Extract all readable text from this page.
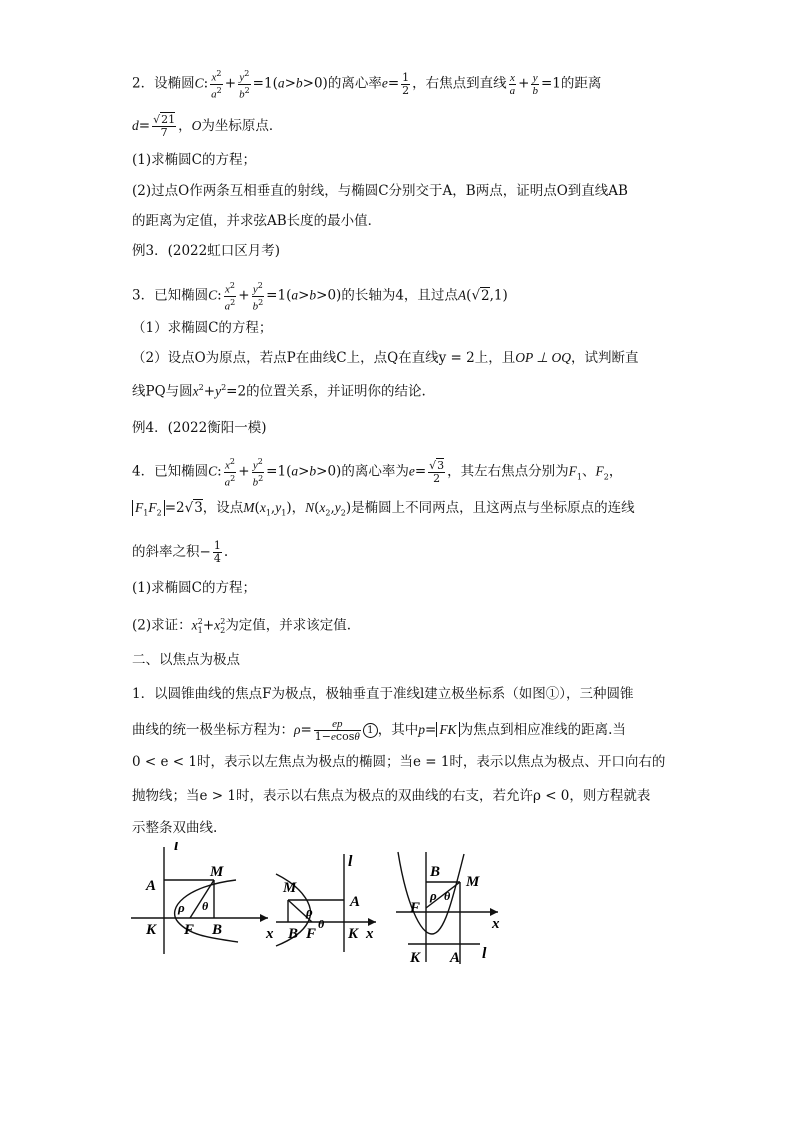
2．设椭圆C: $\frac{x^2}{a^2} + \frac{y^2}{b^2} =1(a>b>0)$的离心率$e= \frac{1}{2}$ ，右焦点到直线 $\frac{x}{a} + \frac{y}{b} =1$的距离
$d= \frac{√21}{7}$ ，O为坐标原点．
(1)求椭圆C的方程；
(2)过点O作两条互相垂直的射线，与椭圆C分别交于A，B两点，证明点O到直线AB
的距离为定值，并求弦AB长度的最小值．
例3．(2022虹口区月考)
3．已知椭圆C: $\frac{x^2}{a^2} + \frac{y^2}{b^2} =1(a>b>0)$的长轴为4，且过点A(√2,1)
（1）求椭圆C的方程；
（2）设点O为原点，若点P在曲线C上，点Q在直线y = 2上，且OP ⊥ OQ，试判断直
线PQ与圆$x^2+y^2=2$的位置关系，并证明你的结论.
例4．(2022衡阳一模)
4．已知椭圆C: $\frac{x^2}{a^2} + \frac{y^2}{b^2} =1(a>b>0)$的离心率为$e= \frac{√3}{2}$ ，其左右焦点分别为$F_1$、$F_2$，
$F_1F_2 =2√3$，设点$M(x_1,y_1)$，$N(x_2,y_2)$是椭圆上不同两点，且这两点与坐标原点的连线
的斜率之积− $\frac{1}{4}$ .
(1)求椭圆C的方程；
(2)求证：$x_1^2+x_2^2$为定值，并求该定值.
二、以焦点为极点
1．以圆锥曲线的焦点F为极点，极轴垂直于准线l建立极坐标系（如图①），三种圆锥
曲线的统一极坐标方程为：$\rho= \frac{ep}{1-ecos\theta} 1$ ，其中p= FK 为焦点到相应准线的距离.当
0 < e < 1时，表示以左焦点为极点的椭圆；当e = 1时，表示以焦点为极点、开口向右的
抛物线；当e > 1时，表示以右焦点为极点的双曲线的右支，若允许ρ < 0，则方程就表
示整条双曲线.
l
M
A
K F B
ρ θ
M
l
A
B F K x
ρ
θ
x
B
M
F
K A l
x
ρ θ
